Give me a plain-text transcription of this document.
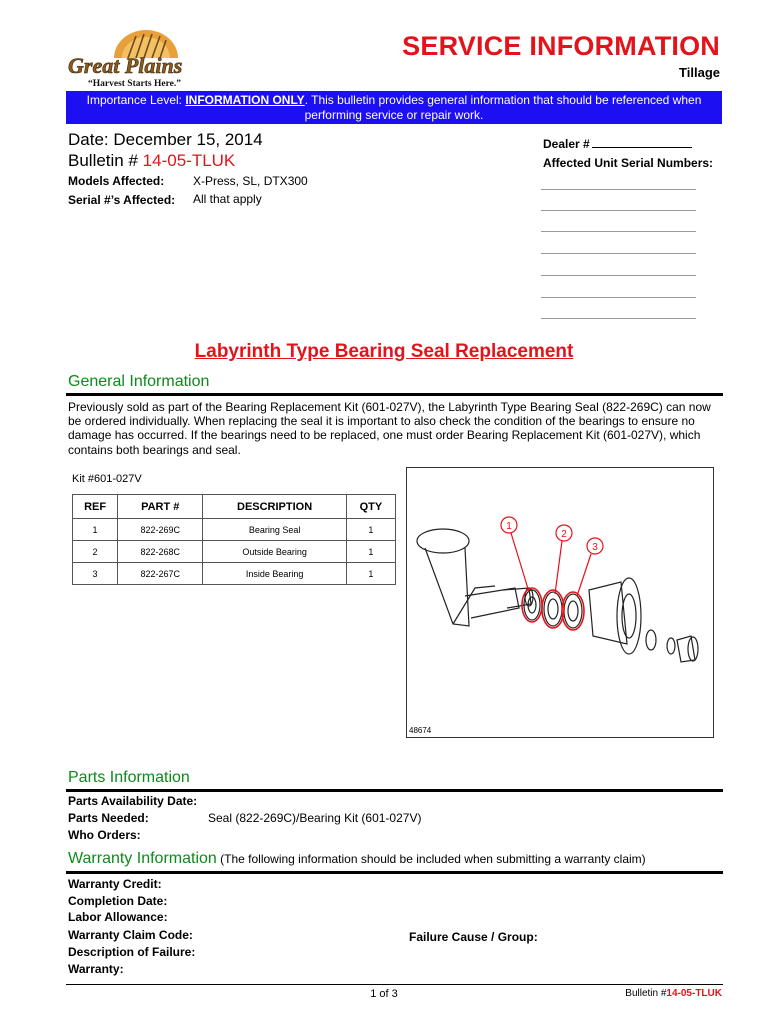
Great Plains
“Harvest Starts Here.”
SERVICE INFORMATION
Tillage
Importance Level: INFORMATION ONLY. This bulletin provides general information that should be referenced when performing service or repair work.
Date: December 15, 2014
Bulletin # 14-05-TLUK
Models Affected: X-Press, SL, DTX300
Serial #’s Affected: All that apply
Dealer #
Affected Unit Serial Numbers:
Labyrinth Type Bearing Seal Replacement
General Information
Previously sold as part of the Bearing Replacement Kit (601-027V), the Labyrinth Type Bearing Seal (822-269C) can now be ordered individually. When replacing the seal it is important to also check the condition of the bearings to ensure no damage has occurred. If the bearings need to be replaced, one must order Bearing Replacement Kit (601-027V), which contains both bearings and seal.
Kit #601-027V
REF	PART #	DESCRIPTION	QTY
1	822-269C	Bearing Seal	1
2	822-268C	Outside Bearing	1
3	822-267C	Inside Bearing	1
1
2
3
48674
Parts Information
Parts Availability Date:
Parts Needed:	Seal (822-269C)/Bearing Kit (601-027V)
Who Orders:
Warranty Information (The following information should be included when submitting a warranty claim)
Warranty Credit:
Completion Date:
Labor Allowance:
Warranty Claim Code:	Failure Cause / Group:
Description of Failure:
Warranty:
1 of 3	Bulletin #14-05-TLUK
